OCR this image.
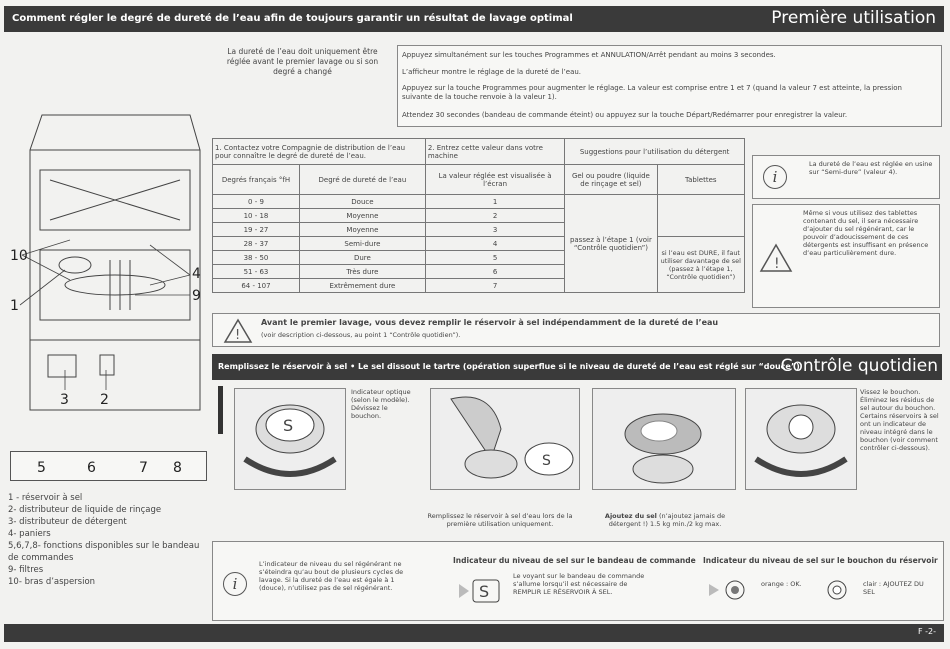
Comment régler le degré de dureté de l’eau afin de toujours garantir un résultat de lavage optimal	Première utilisation
10
4
1
9
3 2
5	6	7 8
1 - réservoir à sel
2- distributeur de liquide de rinçage
3- distributeur de détergent
4- paniers
5,6,7,8- fonctions disponibles sur le bandeau de commandes
9- filtres
10- bras d’aspersion
La dureté de l’eau doit uniquement être réglée avant le premier lavage ou si son degré a changé
Appuyez simultanément sur les touches Programmes et ANNULATION/Arrêt pendant au moins 3 secondes.
L’afficheur montre le réglage de la dureté de l’eau.
Appuyez sur la touche Programmes pour augmenter le réglage. La valeur est comprise entre 1 et 7 (quand la valeur 7 est atteinte, la pression suivante de la touche renvoie à la valeur 1).
Attendez 30 secondes (bandeau de commande éteint) ou appuyez sur la touche Départ/Redémarrer pour enregistrer la valeur.
1. Contactez votre Compagnie de distribution de l’eau pour connaître le degré de dureté de l’eau.		2. Entrez cette valeur dans votre machine	Suggestions pour l’utilisation du détergent	
Degrés français °fH	Degré de dureté de l’eau	La valeur réglée est visualisée à l’écran	Gel ou poudre (liquide de rinçage et sel)	Tablettes
0 - 9	Douce	1	passez à l’étape 1 (voir “Contrôle quotidien”)	
10 - 18	Moyenne	2		
19 - 27	Moyenne	3		
28 - 37	Semi-dure	4		si l’eau est DURE, il faut utiliser davantage de sel (passez à l’étape 1, “Contrôle quotidien”)
38 - 50	Dure	5		
51 - 63	Très dure	6		
64 - 107	Extrêmement dure	7		
i
La dureté de l’eau est réglée en usine sur “Semi-dure” (valeur 4).
!
Même si vous utilisez des tablettes contenant du sel, il sera nécessaire d’ajouter du sel régénérant, car le pouvoir d’adoucissement de ces détergents est insuffisant en présence d’eau particulièrement dure.
!
Avant le premier lavage, vous devez remplir le réservoir à sel indépendamment de la dureté de l’eau
(voir description ci-dessous, au point 1 “Contrôle quotidien”).
Remplissez le réservoir à sel • Le sel dissout le tartre (opération superflue si le niveau de dureté de l’eau est réglé sur “douce”)
Contrôle quotidien
S
Indicateur optique (selon le modèle). Dévissez le bouchon.
S
Remplissez le réservoir à sel d’eau lors de la première utilisation uniquement.
Ajoutez du sel (n’ajoutez jamais de détergent !) 1.5 kg min./2 kg max.
Vissez le bouchon. Éliminez les résidus de sel autour du bouchon. Certains réservoirs à sel ont un indicateur de niveau intégré dans le bouchon (voir comment contrôler ci-dessous).
i
L’indicateur de niveau du sel régénérant ne s’éteindra qu’au bout de plusieurs cycles de lavage. Si la dureté de l’eau est égale à 1 (douce), n’utilisez pas de sel régénérant.
Indicateur du niveau de sel sur le bandeau de commande
S
Le voyant sur le bandeau de commande s’allume lorsqu’il est nécessaire de REMPLIR LE RÉSERVOIR À SEL.
Indicateur du niveau de sel sur le bouchon du réservoir
orange : OK.	clair : AJOUTEZ DU SEL
F -2-
